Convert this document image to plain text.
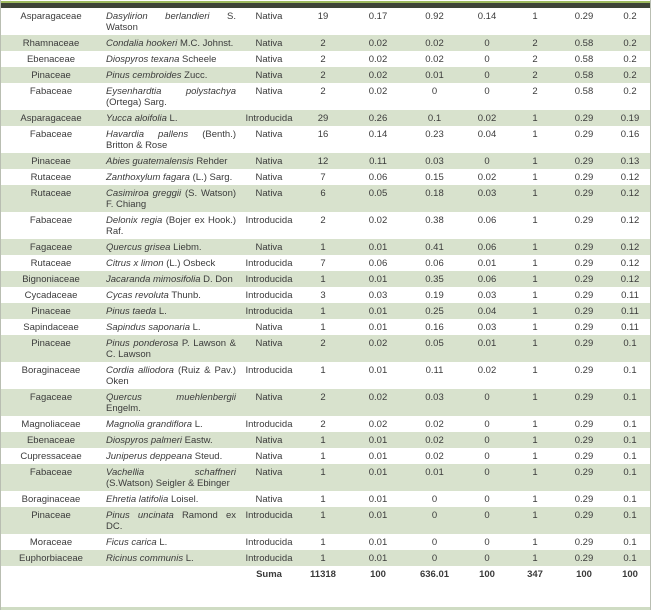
Asparagaceae	Dasylirion berlandieri S. Watson	Nativa	19	0.17	0.92	0.14	1	0.29	0.2
Rhamnaceae	Condalia hookeri M.C. Johnst.	Nativa	2	0.02	0.02	0	2	0.58	0.2
Ebenaceae	Diospyros texana Scheele	Nativa	2	0.02	0.02	0	2	0.58	0.2
Pinaceae	Pinus cembroides Zucc.	Nativa	2	0.02	0.01	0	2	0.58	0.2
Fabaceae	Eysenhardtia polystachya (Ortega) Sarg.	Nativa	2	0.02	0	0	2	0.58	0.2
Asparagaceae	Yucca aloifolia L.	Introducida	29	0.26	0.1	0.02	1	0.29	0.19
Fabaceae	Havardia pallens (Benth.) Britton & Rose	Nativa	16	0.14	0.23	0.04	1	0.29	0.16
Pinaceae	Abies guatemalensis Rehder	Nativa	12	0.11	0.03	0	1	0.29	0.13
Rutaceae	Zanthoxylum fagara (L.) Sarg.	Nativa	7	0.06	0.15	0.02	1	0.29	0.12
Rutaceae	Casimiroa greggii (S. Watson) F. Chiang	Nativa	6	0.05	0.18	0.03	1	0.29	0.12
Fabaceae	Delonix regia (Bojer ex Hook.) Raf.	Introducida	2	0.02	0.38	0.06	1	0.29	0.12
Fagaceae	Quercus grisea Liebm.	Nativa	1	0.01	0.41	0.06	1	0.29	0.12
Rutaceae	Citrus x limon (L.) Osbeck	Introducida	7	0.06	0.06	0.01	1	0.29	0.12
Bignoniaceae	Jacaranda mimosifolia D. Don	Introducida	1	0.01	0.35	0.06	1	0.29	0.12
Cycadaceae	Cycas revoluta Thunb.	Introducida	3	0.03	0.19	0.03	1	0.29	0.11
Pinaceae	Pinus taeda L.	Introducida	1	0.01	0.25	0.04	1	0.29	0.11
Sapindaceae	Sapindus saponaria L.	Nativa	1	0.01	0.16	0.03	1	0.29	0.11
Pinaceae	Pinus ponderosa P. Lawson & C. Lawson	Nativa	2	0.02	0.05	0.01	1	0.29	0.1
Boraginaceae	Cordia alliodora (Ruiz & Pav.) Oken	Introducida	1	0.01	0.11	0.02	1	0.29	0.1
Fagaceae	Quercus muehlenbergii Engelm.	Nativa	2	0.02	0.03	0	1	0.29	0.1
Magnoliaceae	Magnolia grandiflora L.	Introducida	2	0.02	0.02	0	1	0.29	0.1
Ebenaceae	Diospyros palmeri Eastw.	Nativa	1	0.01	0.02	0	1	0.29	0.1
Cupressaceae	Juniperus deppeana Steud.	Nativa	1	0.01	0.02	0	1	0.29	0.1
Fabaceae	Vachellia schaffneri (S.Watson) Seigler & Ebinger	Nativa	1	0.01	0.01	0	1	0.29	0.1
Boraginaceae	Ehretia latifolia Loisel.	Nativa	1	0.01	0	0	1	0.29	0.1
Pinaceae	Pinus uncinata Ramond ex DC.	Introducida	1	0.01	0	0	1	0.29	0.1
Moraceae	Ficus carica L.	Introducida	1	0.01	0	0	1	0.29	0.1
Euphorbiaceae	Ricinus communis L.	Introducida	1	0.01	0	0	1	0.29	0.1
		Suma	11318	100	636.01	100	347	100	100
